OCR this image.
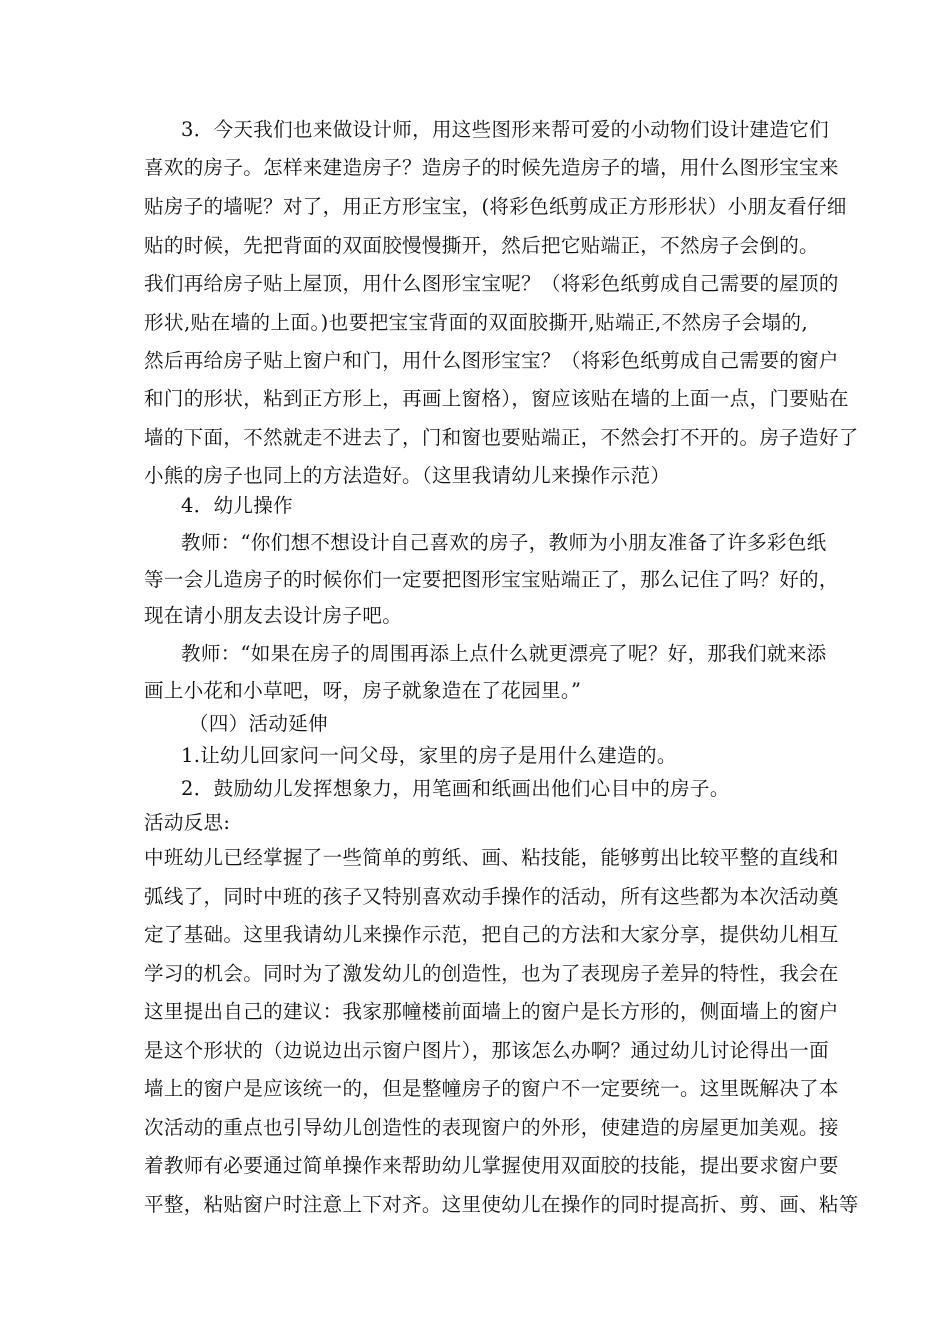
3．今天我们也来做设计师，用这些图形来帮可爱的小动物们设计建造它们
喜欢的房子。怎样来建造房子？造房子的时候先造房子的墙，用什么图形宝宝来
贴房子的墙呢？对了，用正方形宝宝，(将彩色纸剪成正方形形状）小朋友看仔细
贴的时候，先把背面的双面胶慢慢撕开，然后把它贴端正，不然房子会倒的。
我们再给房子贴上屋顶，用什么图形宝宝呢？（将彩色纸剪成自己需要的屋顶的
形状,贴在墙的上面。)也要把宝宝背面的双面胶撕开,贴端正,不然房子会塌的,
然后再给房子贴上窗户和门，用什么图形宝宝？（将彩色纸剪成自己需要的窗户
和门的形状，粘到正方形上，再画上窗格），窗应该贴在墙的上面一点，门要贴在
墙的下面，不然就走不进去了，门和窗也要贴端正，不然会打不开的。房子造好了
小熊的房子也同上的方法造好。（这里我请幼儿来操作示范）
4．幼儿操作
教师：“你们想不想设计自己喜欢的房子，教师为小朋友准备了许多彩色纸
等一会儿造房子的时候你们一定要把图形宝宝贴端正了，那么记住了吗？好的，
现在请小朋友去设计房子吧。
教师：“如果在房子的周围再添上点什么就更漂亮了呢？好，那我们就来添
画上小花和小草吧，呀，房子就象造在了花园里。”
（四）活动延伸
1.让幼儿回家问一问父母，家里的房子是用什么建造的。
2．鼓励幼儿发挥想象力，用笔画和纸画出他们心目中的房子。
活动反思:
中班幼儿已经掌握了一些简单的剪纸、画、粘技能，能够剪出比较平整的直线和
弧线了，同时中班的孩子又特别喜欢动手操作的活动，所有这些都为本次活动奠
定了基础。这里我请幼儿来操作示范，把自己的方法和大家分享，提供幼儿相互
学习的机会。同时为了激发幼儿的创造性，也为了表现房子差异的特性，我会在
这里提出自己的建议：我家那幢楼前面墙上的窗户是长方形的，侧面墙上的窗户
是这个形状的（边说边出示窗户图片），那该怎么办啊？通过幼儿讨论得出一面
墙上的窗户是应该统一的，但是整幢房子的窗户不一定要统一。这里既解决了本
次活动的重点也引导幼儿创造性的表现窗户的外形，使建造的房屋更加美观。接
着教师有必要通过简单操作来帮助幼儿掌握使用双面胶的技能，提出要求窗户要
平整，粘贴窗户时注意上下对齐。这里使幼儿在操作的同时提高折、剪、画、粘等
